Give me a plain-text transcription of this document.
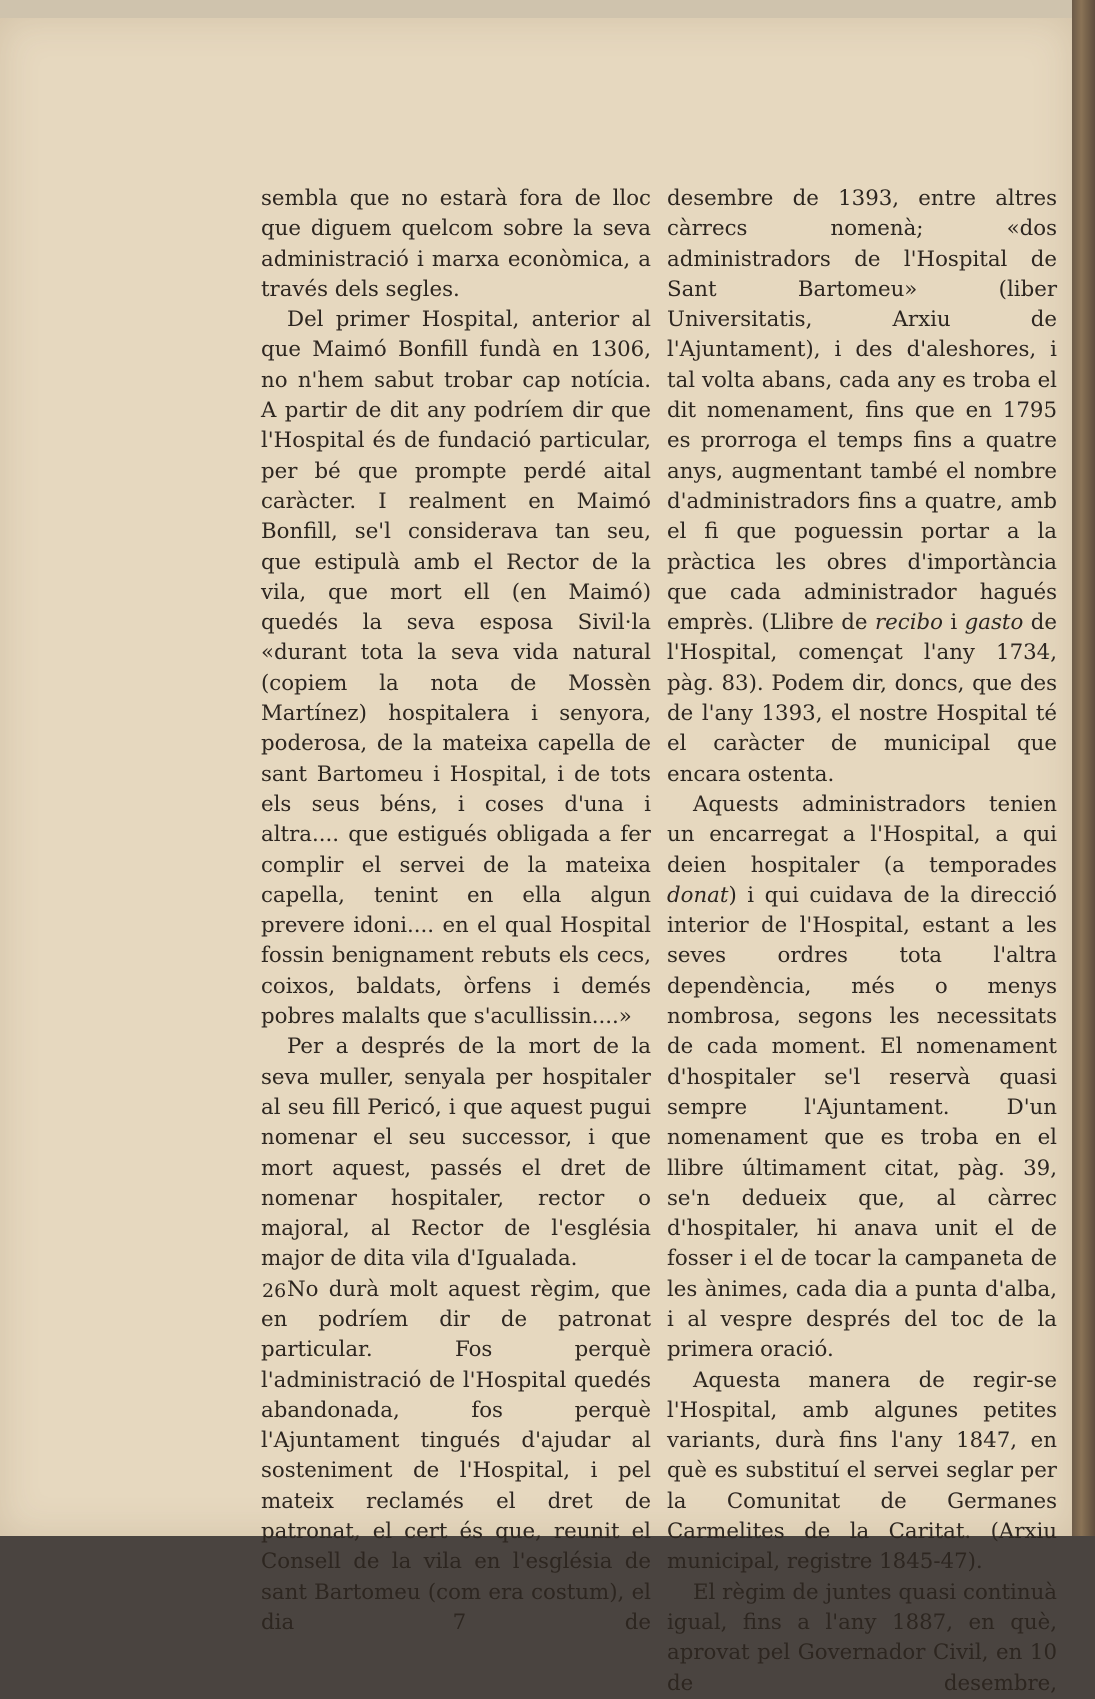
sembla que no estarà fora de lloc que diguem quelcom sobre la seva administració i marxa econòmica, a través dels segles.

Del primer Hospital, anterior al que Maimó Bonfill fundà en 1306, no n'hem sabut trobar cap notícia. A partir de dit any podríem dir que l'Hospital és de fundació particular, per bé que prompte perdé aital caràcter. I realment en Maimó Bonfill, se'l considerava tan seu, que estipulà amb el Rector de la vila, que mort ell (en Maimó) quedés la seva esposa Sivil·la «durant tota la seva vida natural (copiem la nota de Mossèn Martínez) hospitalera i senyora, poderosa, de la mateixa capella de sant Bartomeu i Hospital, i de tots els seus béns, i coses d'una i altra.... que estigués obligada a fer complir el servei de la mateixa capella, tenint en ella algun prevere idoni.... en el qual Hospital fossin benignament rebuts els cecs, coixos, baldats, òrfens i demés pobres malalts que s'acullissin....»

Per a després de la mort de la seva muller, senyala per hospitaler al seu fill Pericó, i que aquest pugui nomenar el seu successor, i que mort aquest, passés el dret de nomenar hospitaler, rector o majoral, al Rector de l'església major de dita vila d'Igualada.

No durà molt aquest règim, que en podríem dir de patronat particular. Fos perquè l'administració de l'Hospital quedés abandonada, fos perquè l'Ajuntament tingués d'ajudar al sosteniment de l'Hospital, i pel mateix reclamés el dret de patronat, el cert és que, reunit el Consell de la vila en l'església de sant Bartomeu (com era costum), el dia 7 de

desembre de 1393, entre altres càrrecs nomenà; «dos administradors de l'Hospital de Sant Bartomeu» (liber Universitatis, Arxiu de l'Ajuntament), i des d'aleshores, i tal volta abans, cada any es troba el dit nomenament, fins que en 1795 es prorroga el temps fins a quatre anys, augmentant també el nombre d'administradors fins a quatre, amb el fi que poguessin portar a la pràctica les obres d'importància que cada administrador hagués emprès. (Llibre de recibo i gasto de l'Hospital, començat l'any 1734, pàg. 83). Podem dir, doncs, que des de l'any 1393, el nostre Hospital té el caràcter de municipal que encara ostenta.

Aquests administradors tenien un encarregat a l'Hospital, a qui deien hospitaler (a temporades donat) i qui cuidava de la direcció interior de l'Hospital, estant a les seves ordres tota l'altra dependència, més o menys nombrosa, segons les necessitats de cada moment. El nomenament d'hospitaler se'l reservà quasi sempre l'Ajuntament. D'un nomenament que es troba en el llibre últimament citat, pàg. 39, se'n dedueix que, al càrrec d'hospitaler, hi anava unit el de fosser i el de tocar la campaneta de les ànimes, cada dia a punta d'alba, i al vespre després del toc de la primera oració.

Aquesta manera de regir-se l'Hospital, amb algunes petites variants, durà fins l'any 1847, en què es substituí el servei seglar per la Comunitat de Germanes Carmelites de la Caritat. (Arxiu municipal, registre 1845-47).

El règim de juntes quasi continuà igual, fins a l'any 1887, en què, aprovat pel Governador Civil, en 10 de desembre,

26
